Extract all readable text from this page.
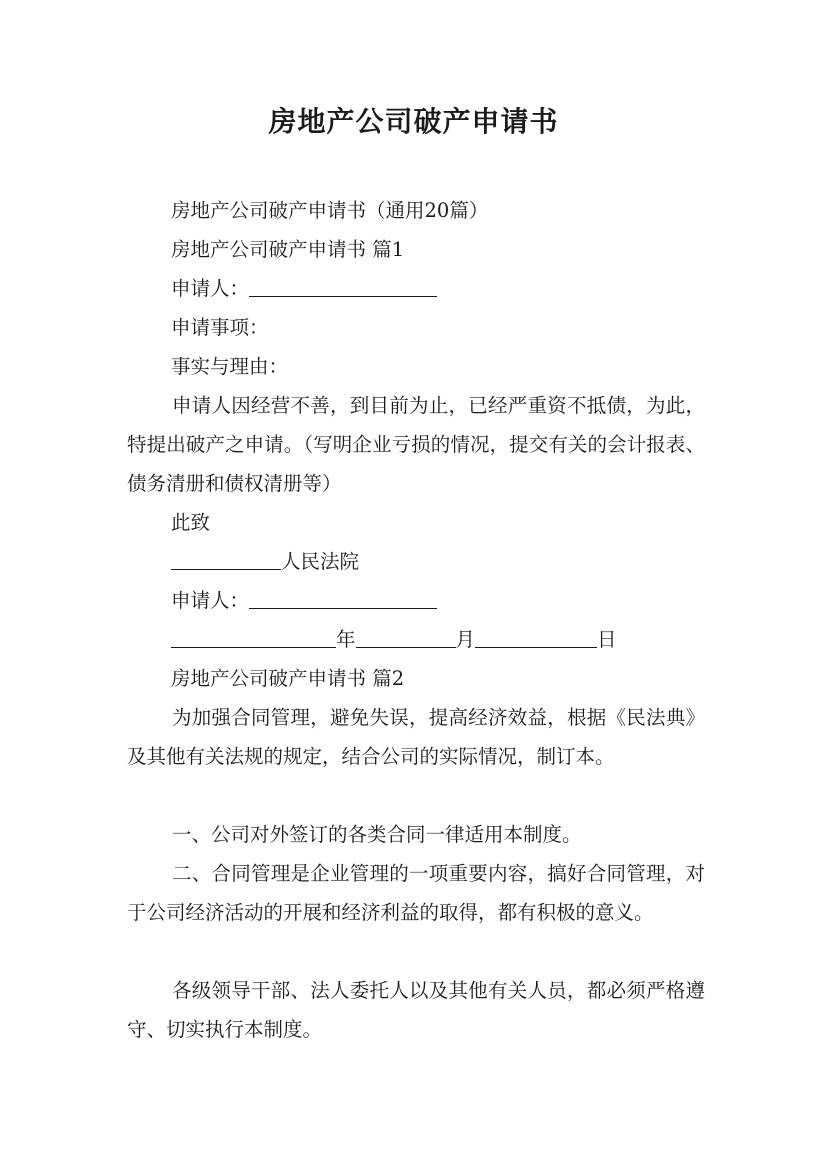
房地产公司破产申请书
房地产公司破产申请书（通用20篇）
房地产公司破产申请书 篇1
申请人：
申请事项：
事实与理由：
申请人因经营不善，到目前为止，已经严重资不抵债，为此，特提出破产之申请。（写明企业亏损的情况，提交有关的会计报表、债务清册和债权清册等）
此致
人民法院
申请人：
年	月	日
房地产公司破产申请书 篇2
为加强合同管理，避免失误，提高经济效益，根据《民法典》及其他有关法规的规定，结合公司的实际情况，制订本。
一、公司对外签订的各类合同一律适用本制度。
二、合同管理是企业管理的一项重要内容，搞好合同管理，对于公司经济活动的开展和经济利益的取得，都有积极的意义。
各级领导干部、法人委托人以及其他有关人员，都必须严格遵守、切实执行本制度。
